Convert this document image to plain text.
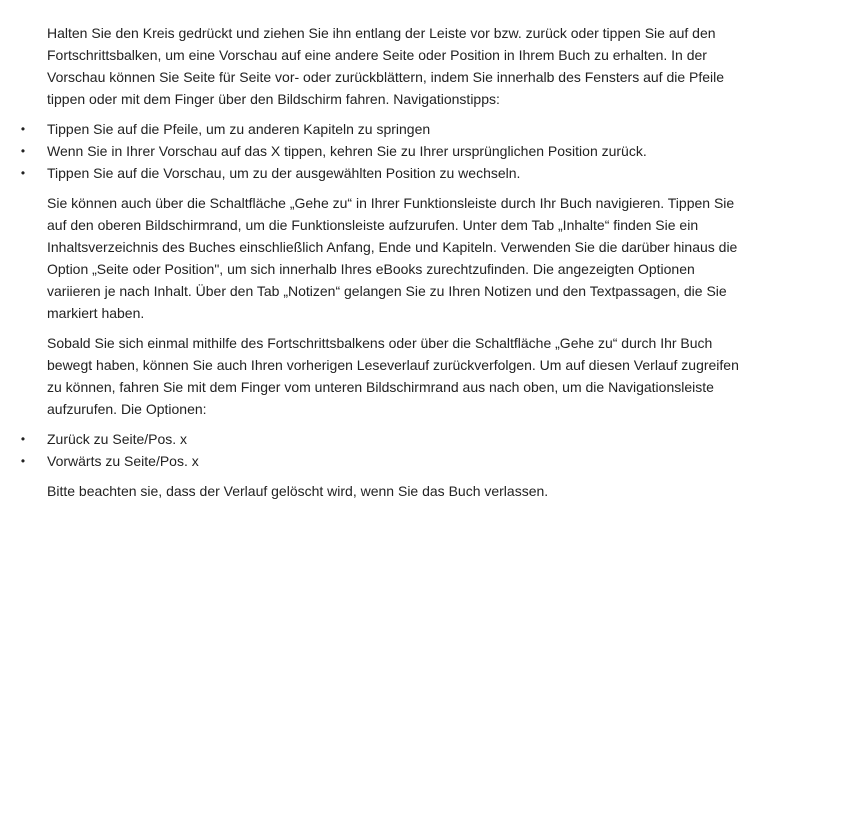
Halten Sie den Kreis gedrückt und ziehen Sie ihn entlang der Leiste vor bzw. zurück oder tippen Sie auf den Fortschrittsbalken, um eine Vorschau auf eine andere Seite oder Position in Ihrem Buch zu erhalten. In der Vorschau können Sie Seite für Seite vor- oder zurückblättern, indem Sie innerhalb des Fensters auf die Pfeile tippen oder mit dem Finger über den Bildschirm fahren. Navigationstipps:

• Tippen Sie auf die Pfeile, um zu anderen Kapiteln zu springen
• Wenn Sie in Ihrer Vorschau auf das X tippen, kehren Sie zu Ihrer ursprünglichen Position zurück.
• Tippen Sie auf die Vorschau, um zu der ausgewählten Position zu wechseln.

Sie können auch über die Schaltfläche „Gehe zu“ in Ihrer Funktionsleiste durch Ihr Buch navigieren. Tippen Sie auf den oberen Bildschirmrand, um die Funktionsleiste aufzurufen. Unter dem Tab „Inhalte“ finden Sie ein Inhaltsverzeichnis des Buches einschließlich Anfang, Ende und Kapiteln. Verwenden Sie die darüber hinaus die Option „Seite oder Position", um sich innerhalb Ihres eBooks zurechtzufinden. Die angezeigten Optionen variieren je nach Inhalt. Über den Tab „Notizen“ gelangen Sie zu Ihren Notizen und den Textpassagen, die Sie markiert haben.

Sobald Sie sich einmal mithilfe des Fortschrittsbalkens oder über die Schaltfläche „Gehe zu“ durch Ihr Buch bewegt haben, können Sie auch Ihren vorherigen Leseverlauf zurückverfolgen. Um auf diesen Verlauf zugreifen zu können, fahren Sie mit dem Finger vom unteren Bildschirmrand aus nach oben, um die Navigationsleiste aufzurufen. Die Optionen:

• Zurück zu Seite/Pos. x
• Vorwärts zu Seite/Pos. x

Bitte beachten sie, dass der Verlauf gelöscht wird, wenn Sie das Buch verlassen.
